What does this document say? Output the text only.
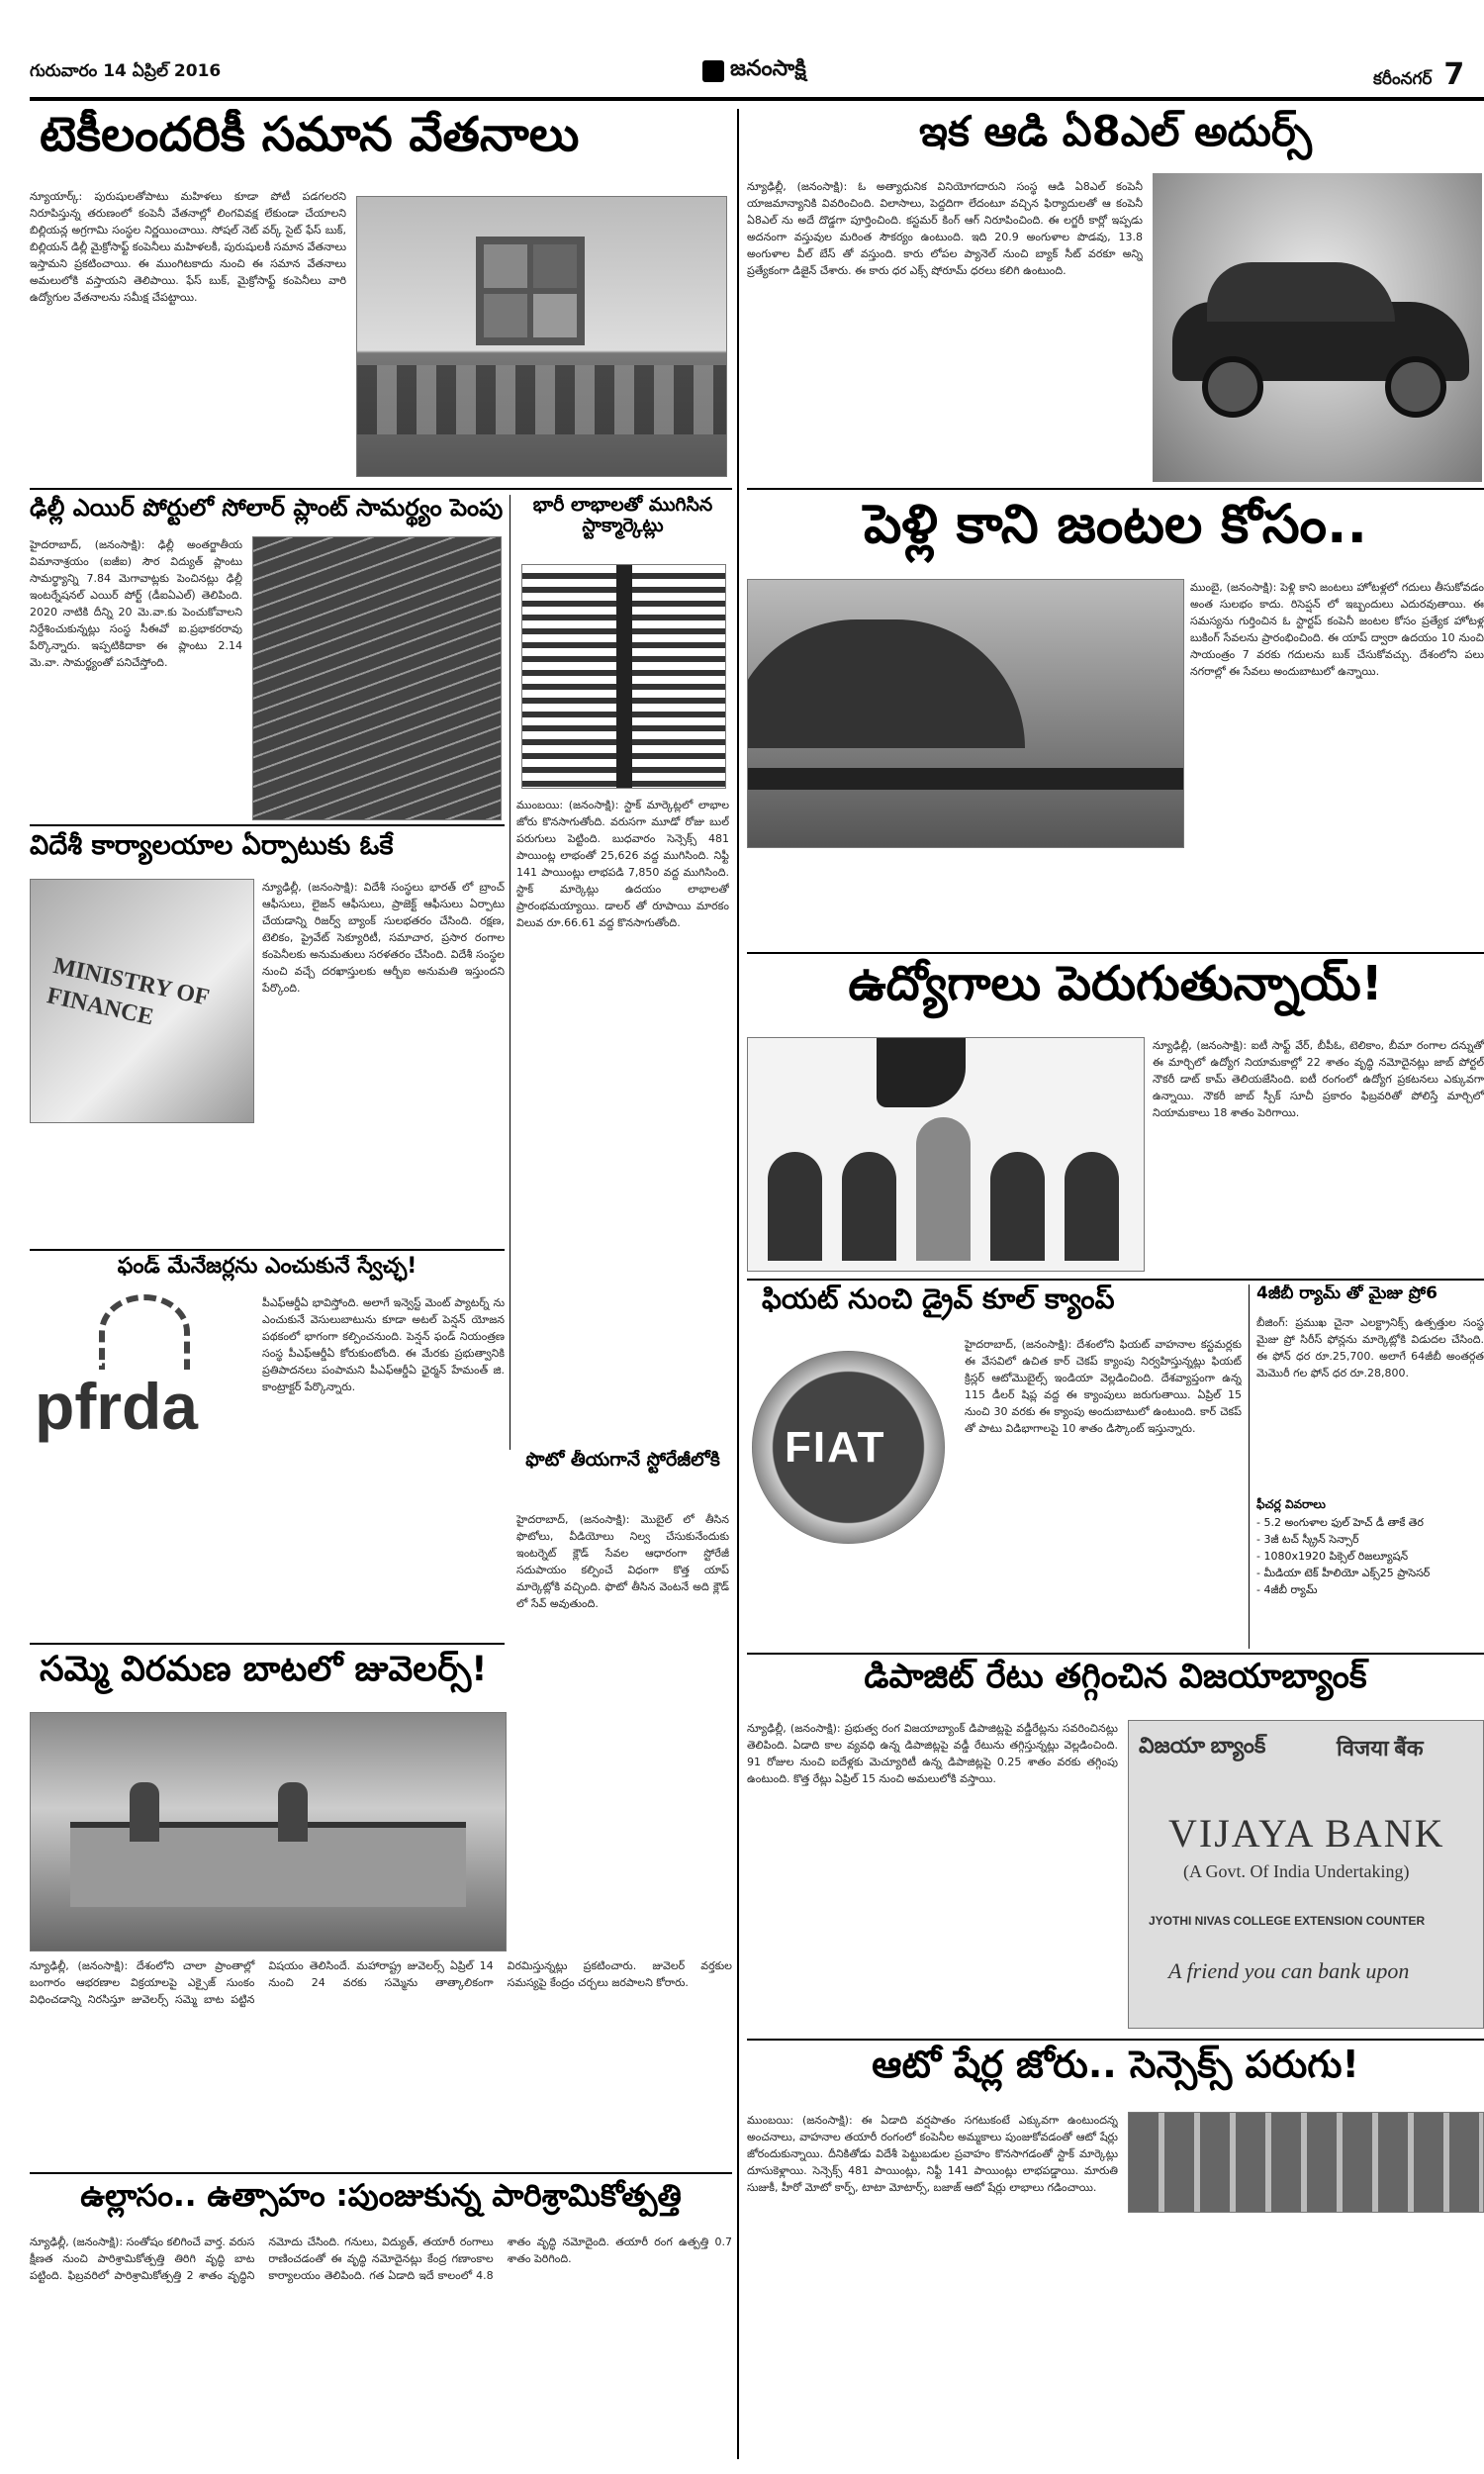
గురువారం 14 ఏప్రిల్ 2016	జనంసాక్షి	కరీంనగర్ 7
టెకీలందరికీ సమాన వేతనాలు
న్యూయార్క్: పురుషులతోపాటు మహిళలు కూడా పోటీ పడగలరని నిరూపిస్తున్న తరుణంలో కంపెనీ వేతనాల్లో లింగవివక్ష లేకుండా చేయాలని బిల్లియన్ల అగ్రగామి సంస్థల నిర్ణయించాయి. సోషల్ నెట్ వర్క్ సైట్ ఫేస్ బుక్, బిల్లియన్ డిల్లీ మైక్రోసాఫ్ట్ కంపెనీలు మహిళలకీ, పురుషులకీ సమాన వేతనాలు ఇస్తామని ప్రకటించాయి. ఈ ముంగిటకాదు నుంచి ఈ సమాన వేతనాలు అమలులోకి వస్తాయని తెలిపాయి. ఫేస్ బుక్, మైక్రోసాఫ్ట్ కంపెనీలు వారి ఉద్యోగుల వేతనాలను సమీక్ష చేపట్టాయి.
ఢిల్లీ ఎయిర్ పోర్టులో సోలార్ ప్లాంట్ సామర్థ్యం పెంపు
హైదరాబాద్, (జనంసాక్షి): ఢిల్లీ అంతర్జాతీయ విమానాశ్రయం (ఐజీఐ) సౌర విద్యుత్ ప్లాంటు సామర్థ్యాన్ని 7.84 మెగావాట్లకు పెంచినట్లు ఢిల్లీ ఇంటర్నేషనల్ ఎయిర్ పోర్ట్ (డీఐఏఎల్) తెలిపింది. 2020 నాటికి దీన్ని 20 మె.వా.కు పెంచుకోవాలని నిర్దేశించుకున్నట్లు సంస్థ సీఈవో ఐ.ప్రభాకరరావు పేర్కొన్నారు. ఇప్పటికిదాకా ఈ ప్లాంటు 2.14 మె.వా. సామర్థ్యంతో పనిచేస్తోంది.
భారీ లాభాలతో ముగిసిన స్టాక్మార్కెట్లు
ముంబయి: (జనంసాక్షి): స్టాక్ మార్కెట్లలో లాభాల జోరు కొనసాగుతోంది. వరుసగా మూడో రోజు బుల్ పరుగులు పెట్టింది. బుధవారం సెన్సెక్స్ 481 పాయింట్ల లాభంతో 25,626 వద్ద ముగిసింది. నిఫ్టీ 141 పాయింట్లు లాభపడి 7,850 వద్ద ముగిసింది. స్టాక్ మార్కెట్లు ఉదయం లాభాలతో ప్రారంభమయ్యాయి. డాలర్ తో రూపాయి మారకం విలువ రూ.66.61 వద్ద కొనసాగుతోంది.
విదేశీ కార్యాలయాల ఏర్పాటుకు ఓకే
MINISTRY OF FINANCE
న్యూఢిల్లీ, (జనంసాక్షి): విదేశీ సంస్థలు భారత్ లో బ్రాంచ్ ఆఫీసులు, లైజన్ ఆఫీసులు, ప్రాజెక్ట్ ఆఫీసులు ఏర్పాటు చేయడాన్ని రిజర్వ్ బ్యాంక్ సులభతరం చేసింది. రక్షణ, టెలికం, ప్రైవేట్ సెక్యూరిటీ, సమాచార, ప్రసార రంగాల కంపెనీలకు అనుమతులు సరళతరం చేసింది. విదేశీ సంస్థల నుంచి వచ్చే దరఖాస్తులకు ఆర్బీఐ అనుమతి ఇస్తుందని పేర్కొంది.
ఫండ్ మేనేజర్లను ఎంచుకునే స్వేచ్ఛ!
pfrda
పీఎఫ్ఆర్డీఏ భావిస్తోంది. అలాగే ఇన్వెస్ట్ మెంట్ ప్యాటర్న్ ను ఎంచుకునే వెసులుబాటును కూడా అటల్ పెన్షన్ యోజన పథకంలో భాగంగా కల్పించనుంది. పెన్షన్ ఫండ్ నియంత్రణ సంస్థ పీఎఫ్ఆర్డీఏ కోరుకుంటోంది. ఈ మేరకు ప్రభుత్వానికి ప్రతిపాదనలు పంపామని పీఎఫ్ఆర్డీఏ ఛైర్మన్ హేమంత్ జి. కాంట్రాక్టర్ పేర్కొన్నారు.
సమ్మె విరమణ బాటలో జువెలర్స్!
న్యూఢిల్లీ, (జనంసాక్షి): దేశంలోని చాలా ప్రాంతాల్లో బంగారం ఆభరణాల విక్రయాలపై ఎక్సైజ్ సుంకం విధించడాన్ని నిరసిస్తూ జువెలర్స్ సమ్మె బాట పట్టిన విషయం తెలిసిందే. మహారాష్ట్ర జువెలర్స్ ఏప్రిల్ 14 నుంచి 24 వరకు సమ్మెను తాత్కాలికంగా విరమిస్తున్నట్లు ప్రకటించారు. జువెలర్ వర్తకుల సమస్యపై కేంద్రం చర్చలు జరపాలని కోరారు.
ఉల్లాసం.. ఉత్సాహం :పుంజుకున్న పారిశ్రామికోత్పత్తి
న్యూఢిల్లీ, (జనంసాక్షి): సంతోషం కలిగించే వార్త. వరుస క్షీణత నుంచి పారిశ్రామికోత్పత్తి తిరిగి వృద్ధి బాట పట్టింది. ఫిబ్రవరిలో పారిశ్రామికోత్పత్తి 2 శాతం వృద్ధిని నమోదు చేసింది. గనులు, విద్యుత్, తయారీ రంగాలు రాణించడంతో ఈ వృద్ధి నమోదైనట్లు కేంద్ర గణాంకాల కార్యాలయం తెలిపింది. గత ఏడాది ఇదే కాలంలో 4.8 శాతం వృద్ధి నమోదైంది. తయారీ రంగ ఉత్పత్తి 0.7 శాతం పెరిగింది.
ఇక ఆడి ఏ8ఎల్ అదుర్స్
న్యూఢిల్లీ, (జనంసాక్షి): ఓ అత్యాధునిక వినియోగదారుని సంస్థ ఆడి ఏ8ఎల్ కంపెనీ యాజమాన్యానికి వివరించింది. విలాసాలు, పెద్దదిగా లేదంటూ వచ్చిన ఫిర్యాదులతో ఆ కంపెనీ ఏ8ఎల్ ను అదే దొడ్డగా పూర్తించింది. కస్టమర్ కింగ్ ఆగ్ నిరూపించింది. ఈ లగ్జరీ కార్లో ఇప్పడు అదనంగా వస్తువుల మరింత సౌకర్యం ఉంటుంది. ఇది 20.9 అంగుళాల పొడవు, 13.8 అంగుళాల వీల్ బేస్ తో వస్తుంది. కారు లోపల ప్యానెల్ నుంచి బ్యాక్ సీట్ వరకూ అన్ని ప్రత్యేకంగా డిజైన్ చేశారు. ఈ కారు ధర ఎక్స్ షోరూమ్ ధరలు కలిగి ఉంటుంది.
పెళ్లి కాని జంటల కోసం..
ముంబై, (జనంసాక్షి): పెళ్లి కాని జంటలు హోటళ్లలో గదులు తీసుకోవడం అంత సులభం కాదు. రిసెప్షన్ లో ఇబ్బందులు ఎదురవుతాయి. ఈ సమస్యను గుర్తించిన ఓ స్టార్టప్ కంపెనీ జంటల కోసం ప్రత్యేక హోటళ్ల బుకింగ్ సేవలను ప్రారంభించింది. ఈ యాప్ ద్వారా ఉదయం 10 నుంచి సాయంత్రం 7 వరకు గదులను బుక్ చేసుకోవచ్చు. దేశంలోని పలు నగరాల్లో ఈ సేవలు అందుబాటులో ఉన్నాయి.
ఉద్యోగాలు పెరుగుతున్నాయ్!
న్యూఢిల్లీ, (జనంసాక్షి): ఐటీ సాఫ్ట్ వేర్, బీపీఓ, టెలికాం, బీమా రంగాల దన్నుతో ఈ మార్చిలో ఉద్యోగ నియామకాల్లో 22 శాతం వృద్ధి నమోదైనట్లు జాబ్ పోర్టల్ నౌకరీ డాట్ కామ్ తెలియజేసింది. ఐటీ రంగంలో ఉద్యోగ ప్రకటనలు ఎక్కువగా ఉన్నాయి. నౌకరీ జాబ్ స్పీక్ సూచీ ప్రకారం ఫిబ్రవరితో పోలిస్తే మార్చిలో నియామకాలు 18 శాతం పెరిగాయి.
ఫియట్ నుంచి డ్రైవ్ కూల్ క్యాంప్
FIAT
హైదరాబాద్, (జనంసాక్షి): దేశంలోని ఫియట్ వాహనాల కస్టమర్లకు ఈ వేసవిలో ఉచిత కార్ చెకప్ క్యాంపు నిర్వహిస్తున్నట్లు ఫియట్ క్రిస్లర్ ఆటోమొబైల్స్ ఇండియా వెల్లడించింది. దేశవ్యాప్తంగా ఉన్న 115 డీలర్ షిప్ల వద్ద ఈ క్యాంపులు జరుగుతాయి. ఏప్రిల్ 15 నుంచి 30 వరకు ఈ క్యాంపు అందుబాటులో ఉంటుంది. కార్ చెకప్ తో పాటు విడిభాగాలపై 10 శాతం డిస్కౌంట్ ఇస్తున్నారు.
4జీబీ ర్యామ్ తో మైజు ప్రో6
బీజింగ్: ప్రముఖ చైనా ఎలక్ట్రానిక్స్ ఉత్పత్తుల సంస్థ మైజు ప్రో సిరీస్ ఫోన్లను మార్కెట్లోకి విడుదల చేసింది. ఈ ఫోన్ ధర రూ.25,700. అలాగే 64జీబీ అంతర్గత మెమొరీ గల ఫోన్ ధర రూ.28,800.
ఫీచర్ల వివరాలు
- 5.2 అంగుళాల ఫుల్ హెచ్ డీ తాకే తెర
- 3జీ టచ్ స్క్రీన్ సెన్సార్
- 1080x1920 పిక్సెల్ రిజల్యూషన్
- మీడియా టెక్ హీలియో ఎక్స్25 ప్రాసెసర్
- 4జీబీ ర్యామ్
ఫొటో తీయగానే స్టోరేజీలోకి
హైదరాబాద్, (జనంసాక్షి): మొబైల్ లో తీసిన ఫొటోలు, వీడియోలు నిల్వ చేసుకునేందుకు ఇంటర్నెట్ క్లౌడ్ సేవల ఆధారంగా స్టోరేజీ సదుపాయం కల్పించే విధంగా కొత్త యాప్ మార్కెట్లోకి వచ్చింది. ఫొటో తీసిన వెంటనే అది క్లౌడ్ లో సేవ్ అవుతుంది.
డిపాజిట్ రేటు తగ్గించిన విజయాబ్యాంక్
న్యూఢిల్లీ, (జనంసాక్షి): ప్రభుత్వ రంగ విజయాబ్యాంక్ డిపాజిట్లపై వడ్డీరేట్లను సవరించినట్లు తెలిపింది. ఏడాది కాల వ్యవధి ఉన్న డిపాజిట్లపై వడ్డీ రేటును తగ్గిస్తున్నట్లు వెల్లడించింది. 91 రోజుల నుంచి ఐదేళ్లకు మెచ్యూరిటీ ఉన్న డిపాజిట్లపై 0.25 శాతం వరకు తగ్గింపు ఉంటుంది. కొత్త రేట్లు ఏప్రిల్ 15 నుంచి అమలులోకి వస్తాయి.
విజయా బ్యాంక్	विजया बैंक
VIJAYA BANK
(A Govt. Of India Undertaking)
JYOTHI NIVAS COLLEGE EXTENSION COUNTER
A friend you can bank upon
ఆటో షేర్ల జోరు.. సెన్సెక్స్ పరుగు!
ముంబయి: (జనంసాక్షి): ఈ ఏడాది వర్షపాతం సగటుకంటే ఎక్కువగా ఉంటుందన్న అంచనాలు, వాహనాల తయారీ రంగంలో కంపెనీల అమ్మకాలు పుంజుకోవడంతో ఆటో షేర్లు జోరందుకున్నాయి. దీనికితోడు విదేశీ పెట్టుబడుల ప్రవాహం కొనసాగడంతో స్టాక్ మార్కెట్లు దూసుకెళ్లాయి. సెన్సెక్స్ 481 పాయింట్లు, నిఫ్టీ 141 పాయింట్లు లాభపడ్డాయి. మారుతి సుజుకీ, హీరో మోటో కార్ప్, టాటా మోటార్స్, బజాజ్ ఆటో షేర్లు లాభాలు గడించాయి.
